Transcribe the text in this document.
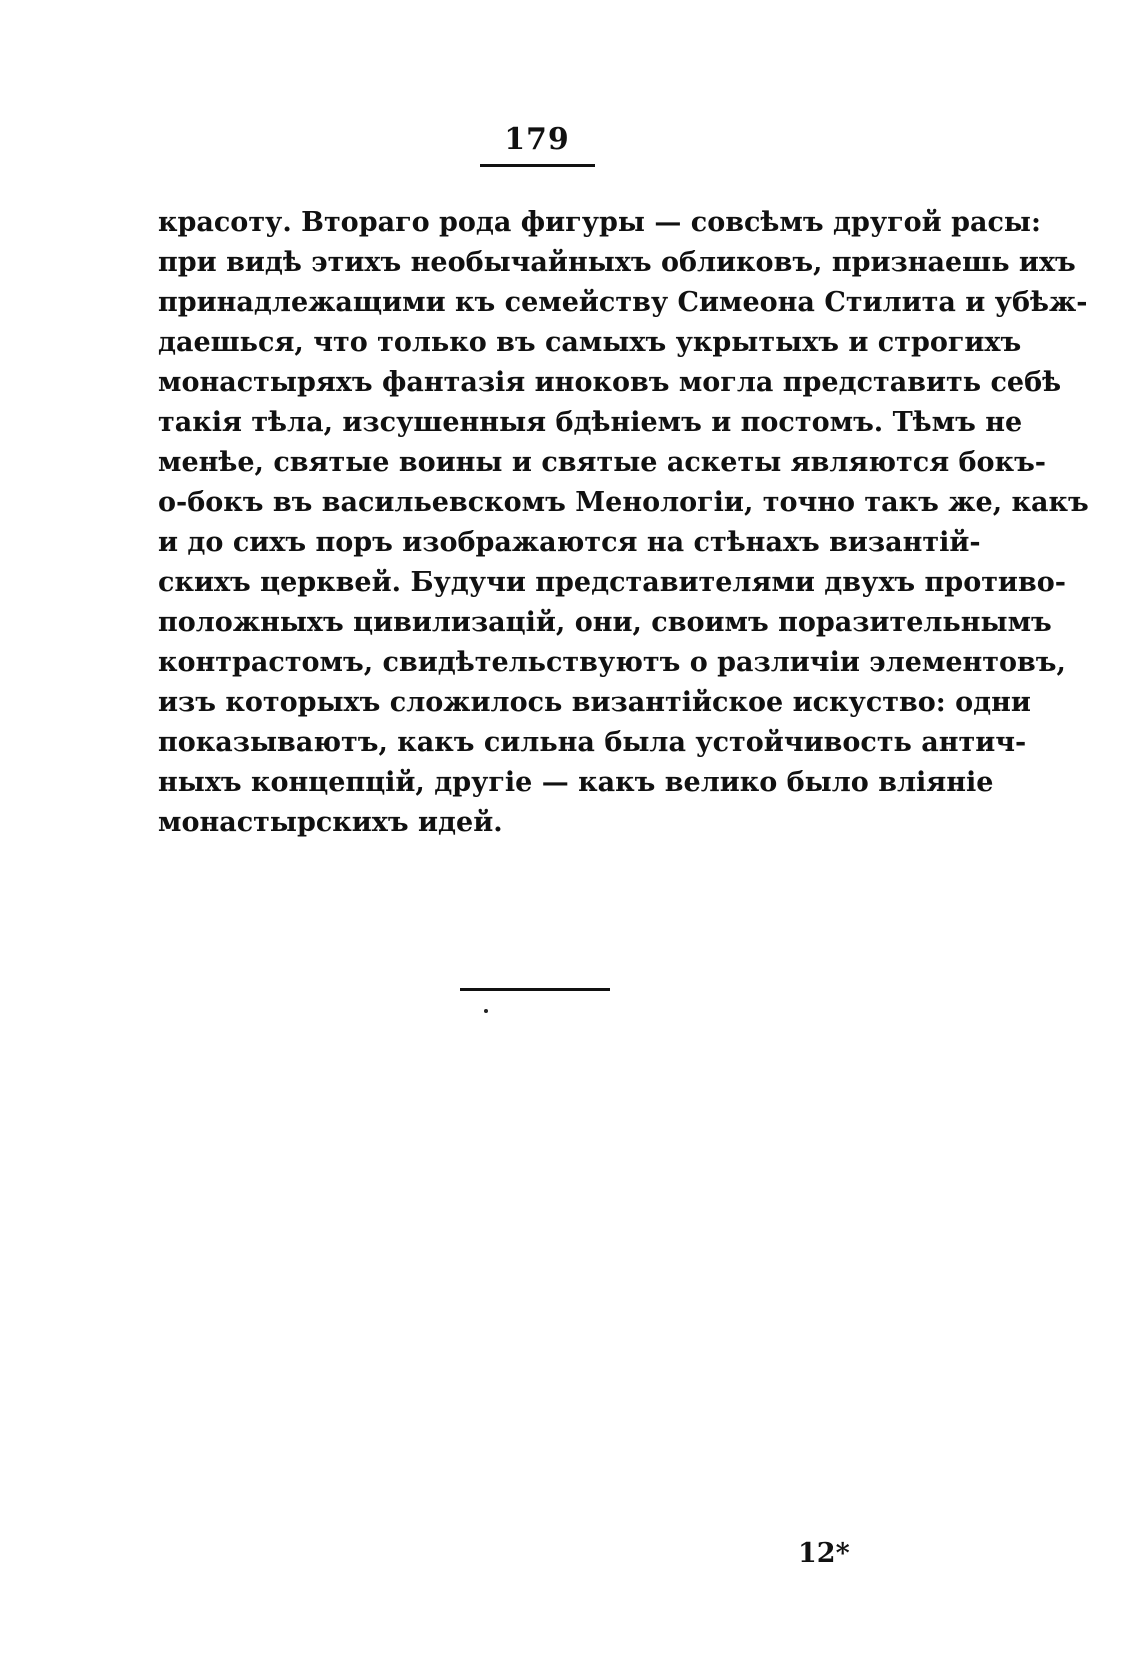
179
красоту. Втораго рода фигуры — совсѣмъ другой расы:
при видѣ этихъ необычайныхъ обликовъ, признаешь ихъ
принадлежащими къ семейству Симеона Стилита и убѣж-
даешься, что только въ самыхъ укрытыхъ и строгихъ
монастыряхъ фантазія иноковъ могла представить себѣ
такія тѣла, изсушенныя бдѣніемъ и постомъ. Тѣмъ не
менѣе, святые воины и святые аскеты являются бокъ-
о-бокъ въ васильевскомъ Менологіи, точно такъ же, какъ
и до сихъ поръ изображаются на стѣнахъ византій-
скихъ церквей. Будучи представителями двухъ противо-
положныхъ цивилизацій, они, своимъ поразительнымъ
контрастомъ, свидѣтельствуютъ о различіи элементовъ,
изъ которыхъ сложилось византійское искуство: одни
показываютъ, какъ сильна была устойчивость антич-
ныхъ концепцій, другіе — какъ велико было вліяніе
монастырскихъ идей.
12*
